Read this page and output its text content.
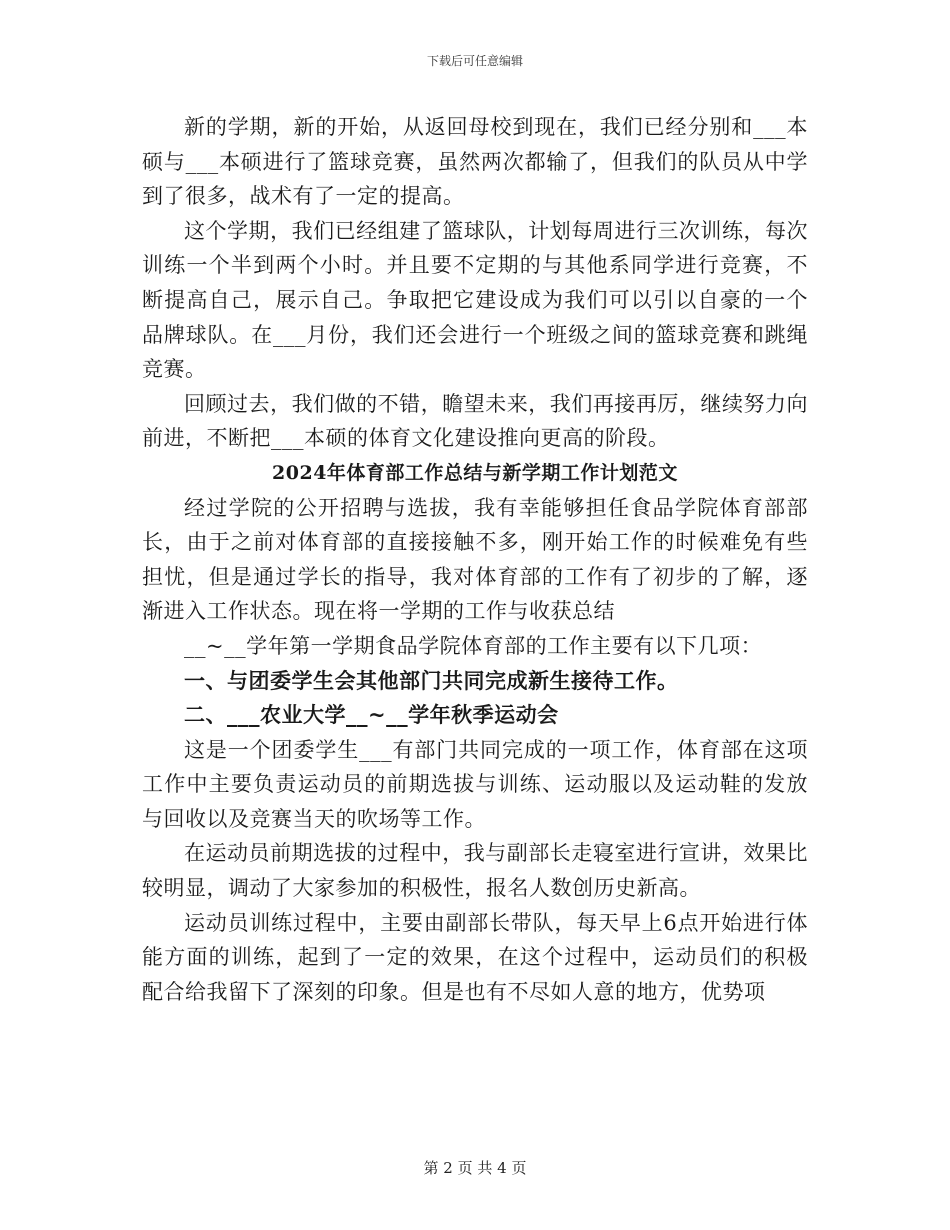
下载后可任意编辑

新的学期，新的开始，从返回母校到现在，我们已经分别和___本硕与___本硕进行了篮球竞赛，虽然两次都输了，但我们的队员从中学到了很多，战术有了一定的提高。

这个学期，我们已经组建了篮球队，计划每周进行三次训练，每次训练一个半到两个小时。并且要不定期的与其他系同学进行竞赛，不断提高自己，展示自己。争取把它建设成为我们可以引以自豪的一个品牌球队。在___月份，我们还会进行一个班级之间的篮球竞赛和跳绳竞赛。

回顾过去，我们做的不错，瞻望未来，我们再接再厉，继续努力向前进，不断把___本硕的体育文化建设推向更高的阶段。

2024年体育部工作总结与新学期工作计划范文

经过学院的公开招聘与选拔，我有幸能够担任食品学院体育部部长，由于之前对体育部的直接接触不多，刚开始工作的时候难免有些担忧，但是通过学长的指导，我对体育部的工作有了初步的了解，逐渐进入工作状态。现在将一学期的工作与收获总结

__~__学年第一学期食品学院体育部的工作主要有以下几项：

一、与团委学生会其他部门共同完成新生接待工作。

二、___农业大学__~__学年秋季运动会

这是一个团委学生___有部门共同完成的一项工作，体育部在这项工作中主要负责运动员的前期选拔与训练、运动服以及运动鞋的发放与回收以及竞赛当天的吹场等工作。

在运动员前期选拔的过程中，我与副部长走寝室进行宣讲，效果比较明显，调动了大家参加的积极性，报名人数创历史新高。

运动员训练过程中，主要由副部长带队，每天早上6点开始进行体能方面的训练，起到了一定的效果，在这个过程中，运动员们的积极配合给我留下了深刻的印象。但是也有不尽如人意的地方，优势项

第 2 页 共 4 页
